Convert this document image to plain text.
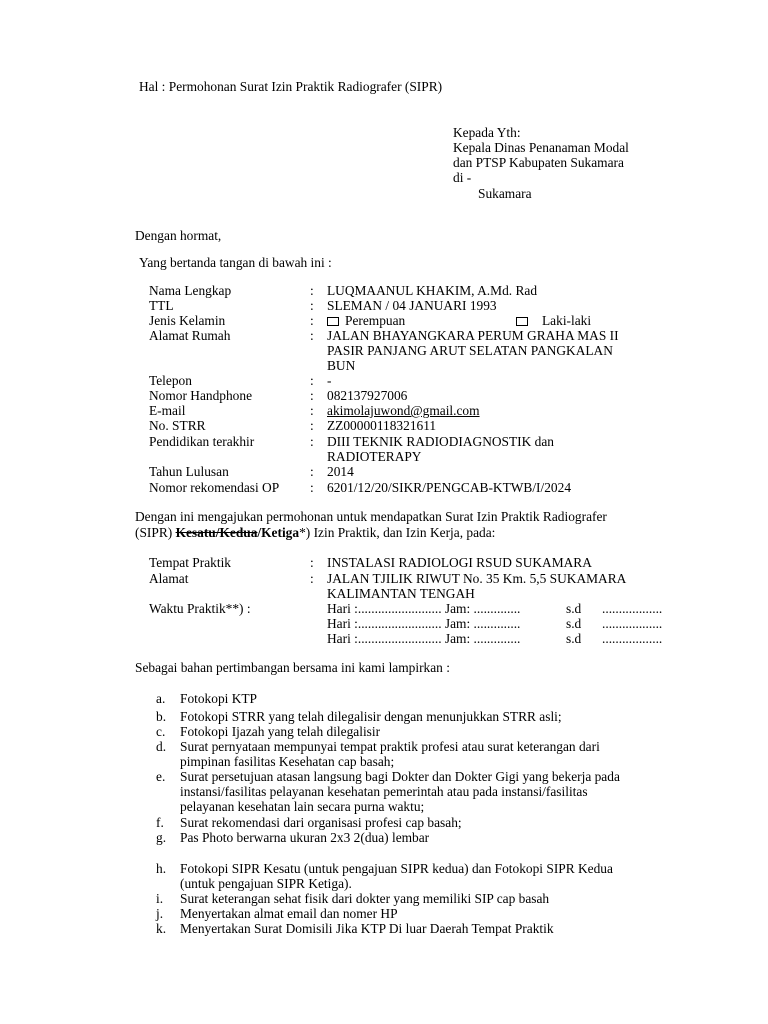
Hal : Permohonan Surat Izin Praktik Radiografer (SIPR)
Kepada Yth:
Kepala Dinas Penanaman Modal
dan PTSP Kabupaten Sukamara
di -
Sukamara
Dengan hormat,
Yang bertanda tangan di bawah ini :
Nama Lengkap	: LUQMAANUL KHAKIM, A.Md. Rad
TTL	: SLEMAN / 04 JANUARI 1993
Jenis Kelamin	:	Perempuan	Laki-laki
Alamat Rumah	: JALAN BHAYANGKARA PERUM GRAHA MAS II
PASIR PANJANG ARUT SELATAN PANGKALAN
BUN
Telepon	: -
Nomor Handphone	: 082137927006
E-mail	: akimolajuwond@gmail.com
No. STRR	: ZZ00000118321611
Pendidikan terakhir	: DIII TEKNIK RADIODIAGNOSTIK dan
RADIOTERAPY
Tahun Lulusan	: 2014
Nomor rekomendasi OP : 6201/12/20/SIKR/PENGCAB-KTWB/I/2024
Dengan ini mengajukan permohonan untuk mendapatkan Surat Izin Praktik Radiografer
(SIPR) Kesatu/Kedua/Ketiga*) Izin Praktik, dan Izin Kerja, pada:
Tempat Praktik	: INSTALASI RADIOLOGI RSUD SUKAMARA
Alamat	: JALAN TJILIK RIWUT No. 35 Km. 5,5 SUKAMARA
KALIMANTAN TENGAH
Waktu Praktik**) :	Hari :......................... Jam: ..............	s.d ..................
Hari :......................... Jam: ..............	s.d ..................
Hari :......................... Jam: ..............	s.d ..................
Sebagai bahan pertimbangan bersama ini kami lampirkan :
a. Fotokopi KTP
b. Fotokopi STRR yang telah dilegalisir dengan menunjukkan STRR asli;
c. Fotokopi Ijazah yang telah dilegalisir
d. Surat pernyataan mempunyai tempat praktik profesi atau surat keterangan dari
pimpinan fasilitas Kesehatan cap basah;
e. Surat persetujuan atasan langsung bagi Dokter dan Dokter Gigi yang bekerja pada
instansi/fasilitas pelayanan kesehatan pemerintah atau pada instansi/fasilitas
pelayanan kesehatan lain secara purna waktu;
f. Surat rekomendasi dari organisasi profesi cap basah;
g. Pas Photo berwarna ukuran 2x3 2(dua) lembar
h. Fotokopi SIPR Kesatu (untuk pengajuan SIPR kedua) dan Fotokopi SIPR Kedua
(untuk pengajuan SIPR Ketiga).
i. Surat keterangan sehat fisik dari dokter yang memiliki SIP cap basah
j. Menyertakan almat email dan nomer HP
k. Menyertakan Surat Domisili Jika KTP Di luar Daerah Tempat Praktik
